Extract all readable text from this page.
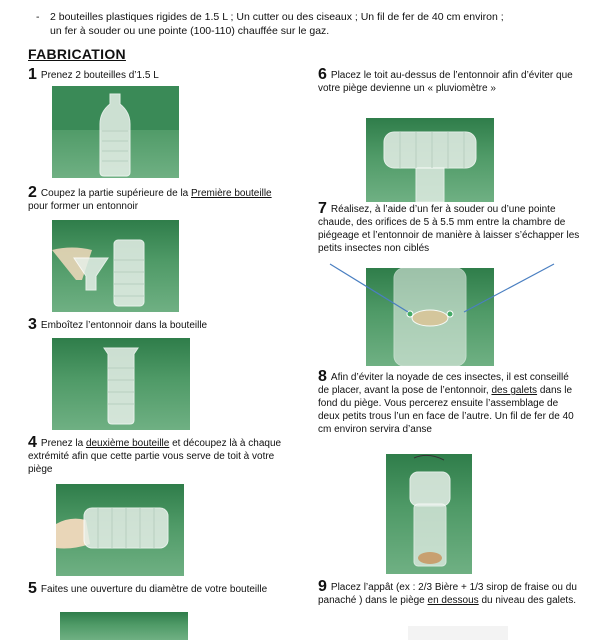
- 2 bouteilles plastiques rigides de 1.5 L ; Un cutter ou des ciseaux ; Un fil de fer de 40 cm environ ;
un fer à souder ou une pointe (100-110) chauffée sur le gaz.
FABRICATION
1 Prenez 2 bouteilles d’1.5 L
2 Coupez la partie supérieure de la Première bouteille pour former un entonnoir
3 Emboîtez l’entonnoir dans la bouteille
4 Prenez la deuxième bouteille et découpez là à chaque extrémité afin que cette partie vous serve de toit à votre piège
5 Faites une ouverture du diamètre de votre bouteille
6 Placez le toit au-dessus de l’entonnoir afin d’éviter que votre piège devienne un « pluviomètre »
7 Réalisez, à l’aide d’un fer à souder ou d’une pointe chaude, des orifices de 5 à 5.5 mm entre la chambre de piégeage et l’entonnoir de manière à laisser s’échapper les petits insectes non ciblés
8 Afin d’éviter la noyade de ces insectes, il est conseillé de placer, avant la pose de l’entonnoir, des galets dans le fond du piège. Vous percerez ensuite l’assemblage de deux petits trous l’un en face de l’autre. Un fil de fer de 40 cm environ servira d’anse
9 Placez l’appât (ex : 2/3 Bière + 1/3 sirop de fraise ou du panaché ) dans le piège en dessous du niveau des galets.
